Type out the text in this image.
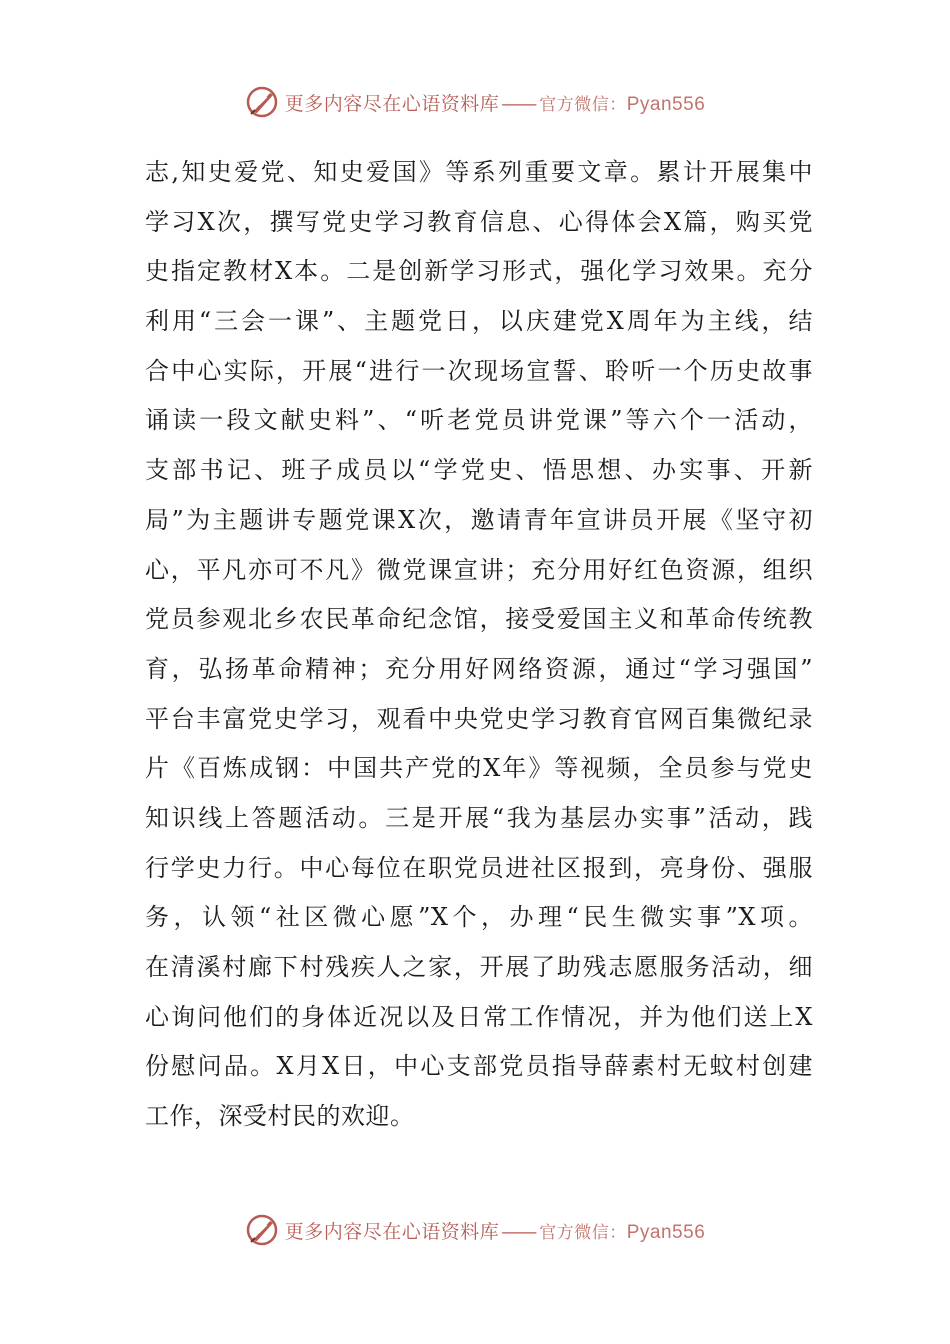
更多内容尽在心语资料库 —— 官方微信：Pyan556
志,知史爱党、知史爱国》等系列重要文章。累计开展集中
学习X次，撰写党史学习教育信息、心得体会X篇，购买党
史指定教材X本。二是创新学习形式，强化学习效果。充分
利用“三会一课”、主题党日，以庆建党X周年为主线，结
合中心实际，开展“进行一次现场宣誓、聆听一个历史故事
诵读一段文献史料”、“听老党员讲党课”等六个一活动，
支部书记、班子成员以“学党史、悟思想、办实事、开新
局”为主题讲专题党课X次，邀请青年宣讲员开展《坚守初
心，平凡亦可不凡》微党课宣讲；充分用好红色资源，组织
党员参观北乡农民革命纪念馆，接受爱国主义和革命传统教
育，弘扬革命精神；充分用好网络资源，通过“学习强国”
平台丰富党史学习，观看中央党史学习教育官网百集微纪录
片《百炼成钢：中国共产党的X年》等视频，全员参与党史
知识线上答题活动。三是开展“我为基层办实事”活动，践
行学史力行。中心每位在职党员进社区报到，亮身份、强服
务，认领“社区微心愿”X个，办理“民生微实事”X项。
在清溪村廊下村残疾人之家，开展了助残志愿服务活动，细
心询问他们的身体近况以及日常工作情况，并为他们送上X
份慰问品。X月X日，中心支部党员指导薛素村无蚊村创建
工作，深受村民的欢迎。
更多内容尽在心语资料库 —— 官方微信：Pyan556
